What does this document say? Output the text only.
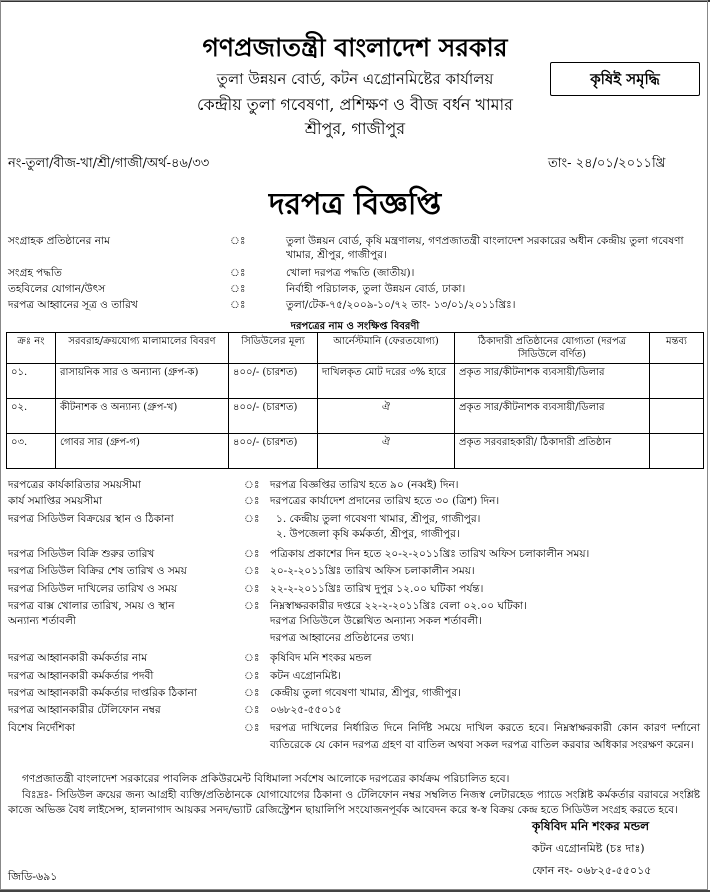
গণপ্রজাতন্ত্রী বাংলাদেশ সরকার
তুলা উন্নয়ন বোর্ড, কটন এগ্রোনমিষ্টের কার্যালয়
কেন্দ্রীয় তুলা গবেষণা, প্রশিক্ষণ ও বীজ বর্ধন খামার
শ্রীপুর, গাজীপুর
কৃষিই সমৃদ্ধি
নং-তুলা/বীজ-খা/শ্রী/গাজী/অর্থ-৪৬/৩৩	তাং- ২৪/০১/২০১১খ্রি
দরপত্র বিজ্ঞপ্তি
সংগ্রাহক প্রতিষ্ঠানের নাম	ঃ	তুলা উন্নয়ন বোর্ড, কৃষি মন্ত্রণালয়, গণপ্রজাতন্ত্রী বাংলাদেশ সরকারের অধীন কেন্দ্রীয় তুলা গবেষণা খামার, শ্রীপুর, গাজীপুর।
সংগ্রহ পদ্ধতি	ঃ	খোলা দরপত্র পদ্ধতি (জাতীয়)।
তহবিলের যোগান/উৎস	ঃ	নির্বাহী পরিচালক, তুলা উন্নয়ন বোর্ড, ঢাকা।
দরপত্র আহ্বানের সূত্র ও তারিখ	ঃ	তুলা/টেক-৭৫/২০০৯-১০/৭২ তাং- ১৩/০১/২০১১খ্রিঃ।
দরপত্রের নাম ও সংক্ষিপ্ত বিবরণী
ক্রঃ নং	সরবরাহ/ক্রয়যোগ্য মালামালের বিবরণ	সিডিউলের মূল্য	আর্নেস্টমানি (ফেরতযোগ্য)	ঠিকাদারী প্রতিষ্ঠানের যোগ্যতা (দরপত্র সিডিউলে বর্ণিত)	মন্তব্য
০১.	রাসায়নিক সার ও অন্যান্য (গ্রুপ-ক)	৪০০/- (চারশত)	দাখিলকৃত মোট দরের ৩% হারে	প্রকৃত সার/কীটনাশক ব্যবসায়ী/ডিলার	
০২.	কীটনাশক ও অন্যান্য (গ্রুপ-খ)	৪০০/- (চারশত)	ঐ	প্রকৃত সার/কীটনাশক ব্যবসায়ী/ডিলার	
০৩.	গোবর সার (গ্রুপ-গ)	৪০০/- (চারশত)	ঐ	প্রকৃত সরবরাহকারী/ ঠিকাদারী প্রতিষ্ঠান	
দরপত্রের কার্যকারিতার সময়সীমা	ঃ দরপত্র বিজ্ঞপ্তির তারিখ হতে ৯০ (নব্বই) দিন।
কার্য সমাপ্তির সময়সীমা	ঃ দরপত্রের কার্যাদেশ প্রদানের তারিখ হতে ৩০ (ত্রিশ) দিন।
দরপত্র সিডিউল বিক্রয়ের স্থান ও ঠিকানা	ঃ ১. কেন্দ্রীয় তুলা গবেষণা খামার, শ্রীপুর, গাজীপুর।
২. উপজেলা কৃষি কর্মকর্তা, শ্রীপুর, গাজীপুর।
দরপত্র সিডিউল বিক্রি শুরুর তারিখ	ঃ পত্রিকায় প্রকাশের দিন হতে ২০-২-২০১১খ্রিঃ তারিখ অফিস চলাকালীন সময়।
দরপত্র সিডিউল বিক্রির শেষ তারিখ ও সময়	ঃ ২০-২-২০১১খ্রিঃ তারিখ অফিস চলাকালীন সময়।
দরপত্র সিডিউল দাখিলের তারিখ ও সময়	ঃ ২২-২-২০১১খ্রিঃ তারিখ দুপুর ১২.০০ ঘটিকা পর্যন্ত।
দরপত্র বাক্স খোলার তারিখ, সময় ও স্থান	ঃ নিম্নস্বাক্ষরকারীর দপ্তরে ২২-২-২০১১খ্রিঃ বেলা ০২.০০ ঘটিকা।
অন্যান্য শর্তাবলী	দরপত্র সিডিউলে উল্লেখিত অন্যান্য সকল শর্তাবলী।
দরপত্র আহ্বানের প্রতিষ্ঠানের তথ্য।
দরপত্র আহ্বানকারী কর্মকর্তার নাম	ঃ কৃষিবিদ মনি শংকর মন্ডল
দরপত্র আহ্বানকারী কর্মকর্তার পদবী	ঃ কটন এগ্রোনমিষ্ট।
দরপত্র আহ্বানকারী কর্মকর্তার দাপ্তরিক ঠিকানা	ঃ কেন্দ্রীয় তুলা গবেষণা খামার, শ্রীপুর, গাজীপুর।
দরপত্র আহ্বানকারীর টেলিফোন নম্বর	ঃ ০৬৮২৫-৫৫০১৫
বিশেষ নির্দেশিকা	ঃ দরপত্র দাখিলের নির্ধারিত দিনে নির্দিষ্ট সময়ে দাখিল করতে হবে। নিম্নস্বাক্ষরকারী কোন কারণ দর্শানো ব্যতিরেকে যে কোন দরপত্র গ্রহণ বা বাতিল অথবা সকল দরপত্র বাতিল করবার অধিকার সংরক্ষণ করেন।
গণপ্রজাতন্ত্রী বাংলাদেশ সরকারের পাবলিক প্রকিউরমেন্ট বিধিমালা সর্বশেষ আলোকে দরপত্রের কার্যক্রম পরিচালিত হবে।
বিঃদ্রঃ- সিডিউল ক্রয়ের জন্য আগ্রহী ব্যক্তি/প্রতিষ্ঠানকে যোগাযোগের ঠিকানা ও টেলিফোন নম্বর সম্বলিত নিজস্ব লেটারহেড প্যাডে সংশ্লিষ্ট কর্মকর্তার বরাবরে সংশ্লিষ্ট কাজে অভিজ্ঞ বৈধ লাইসেন্স, হালনাগাদ আয়কর সনদ/ভ্যাট রেজিস্ট্রেশন ছায়ালিপি সংযোজনপূর্বক আবেদন করে স্ব-স্ব বিক্রয় কেন্দ্র হতে সিডিউল সংগ্রহ করতে হবে।
কৃষিবিদ মনি শংকর মন্ডল
কটন এগ্রোনমিষ্ট (চঃ দাঃ)
ফোন নং- ০৬৮২৫-৫৫০১৫
জিডি-৬৯১
